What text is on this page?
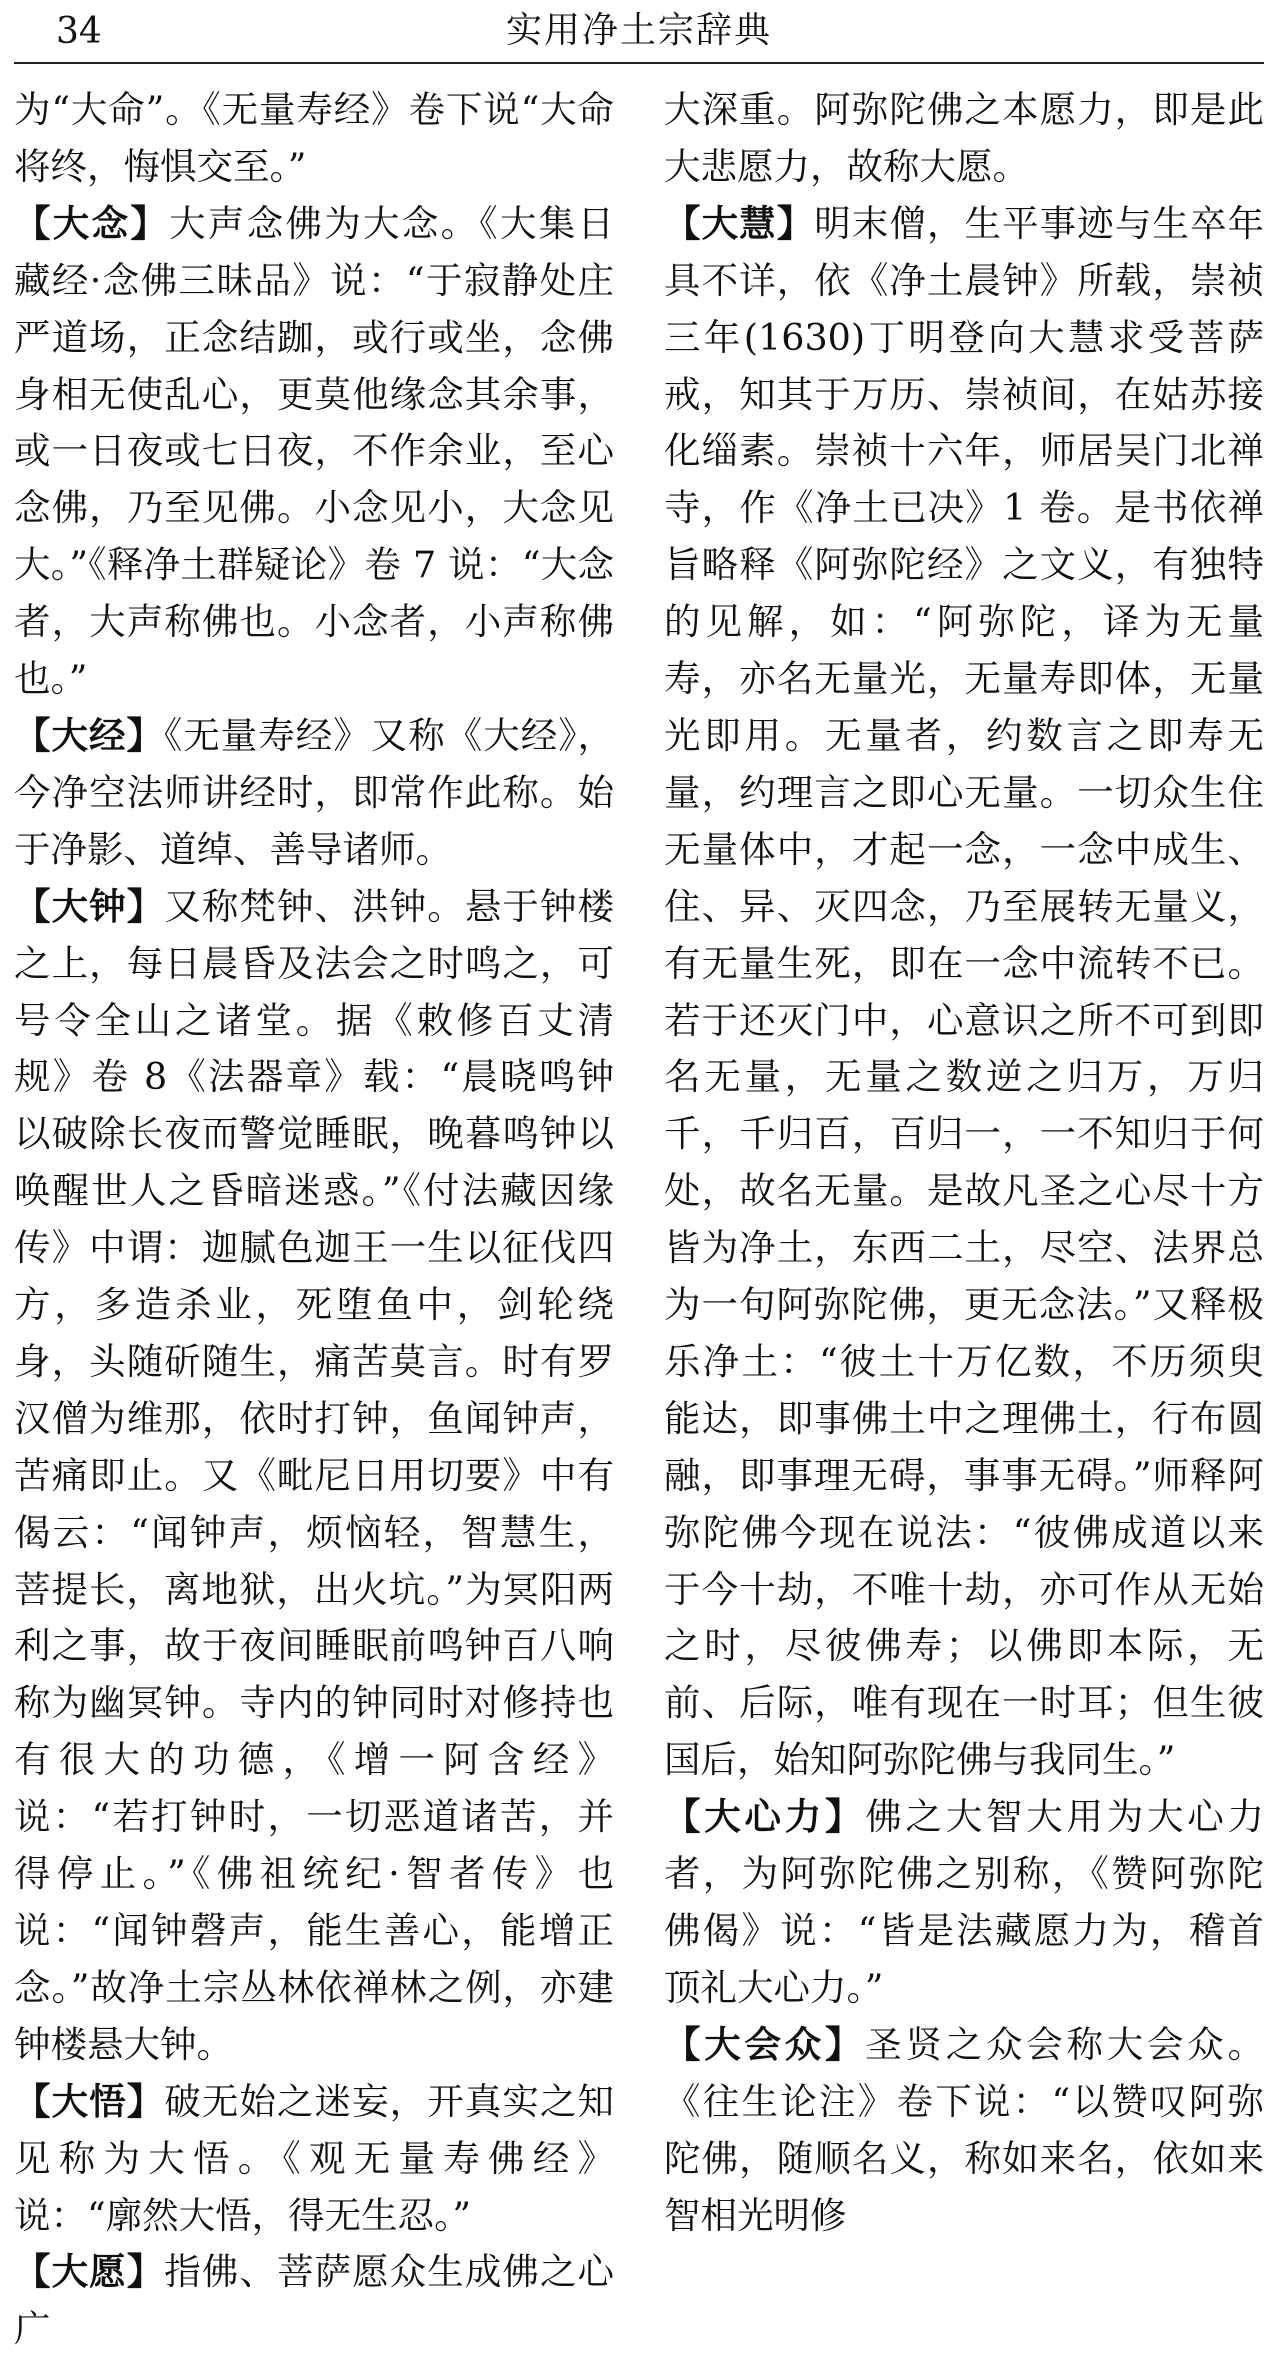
34	实用净土宗辞典

为“大命”。《无量寿经》卷下说“大命将终，悔惧交至。”

【大念】大声念佛为大念。《大集日藏经·念佛三昧品》说：“于寂静处庄严道场，正念结跏，或行或坐，念佛身相无使乱心，更莫他缘念其余事，或一日夜或七日夜，不作余业，至心念佛，乃至见佛。小念见小，大念见大。”《释净土群疑论》卷 7 说：“大念者，大声称佛也。小念者，小声称佛也。”

【大经】《无量寿经》又称《大经》，今净空法师讲经时，即常作此称。始于净影、道绰、善导诸师。

【大钟】又称梵钟、洪钟。悬于钟楼之上，每日晨昏及法会之时鸣之，可号令全山之诸堂。据《敕修百丈清规》卷 8《法器章》载：“晨晓鸣钟以破除长夜而警觉睡眠，晚暮鸣钟以唤醒世人之昏暗迷惑。”《付法藏因缘传》中谓：迦腻色迦王一生以征伐四方，多造杀业，死堕鱼中，剑轮绕身，头随斫随生，痛苦莫言。时有罗汉僧为维那，依时打钟，鱼闻钟声，苦痛即止。又《毗尼日用切要》中有偈云：“闻钟声，烦恼轻，智慧生，菩提长，离地狱，出火坑。”为冥阳两利之事，故于夜间睡眠前鸣钟百八响称为幽冥钟。寺内的钟同时对修持也有很大的功德，《增一阿含经》说：“若打钟时，一切恶道诸苦，并得停止。”《佛祖统纪·智者传》也说：“闻钟磬声，能生善心，能增正念。”故净土宗丛林依禅林之例，亦建钟楼悬大钟。

【大悟】破无始之迷妄，开真实之知见称为大悟。《观无量寿佛经》说：“廓然大悟，得无生忍。”

【大愿】指佛、菩萨愿众生成佛之心广

大深重。阿弥陀佛之本愿力，即是此大悲愿力，故称大愿。

【大慧】明末僧，生平事迹与生卒年具不详，依《净土晨钟》所载，崇祯三年(1630)丁明登向大慧求受菩萨戒，知其于万历、崇祯间，在姑苏接化缁素。崇祯十六年，师居吴门北禅寺，作《净土已决》1 卷。是书依禅旨略释《阿弥陀经》之文义，有独特的见解，如：“阿弥陀，译为无量寿，亦名无量光，无量寿即体，无量光即用。无量者，约数言之即寿无量，约理言之即心无量。一切众生住无量体中，才起一念，一念中成生、住、异、灭四念，乃至展转无量义，有无量生死，即在一念中流转不已。若于还灭门中，心意识之所不可到即名无量，无量之数逆之归万，万归千，千归百，百归一，一不知归于何处，故名无量。是故凡圣之心尽十方皆为净土，东西二土，尽空、法界总为一句阿弥陀佛，更无念法。”又释极乐净土：“彼土十万亿数，不历须臾能达，即事佛土中之理佛土，行布圆融，即事理无碍，事事无碍。”师释阿弥陀佛今现在说法：“彼佛成道以来于今十劫，不唯十劫，亦可作从无始之时，尽彼佛寿；以佛即本际，无前、后际，唯有现在一时耳；但生彼国后，始知阿弥陀佛与我同生。”

【大心力】佛之大智大用为大心力者，为阿弥陀佛之别称，《赞阿弥陀佛偈》说：“皆是法藏愿力为，稽首顶礼大心力。”

【大会众】圣贤之众会称大会众。《往生论注》卷下说：“以赞叹阿弥陀佛，随顺名义，称如来名，依如来智相光明修
